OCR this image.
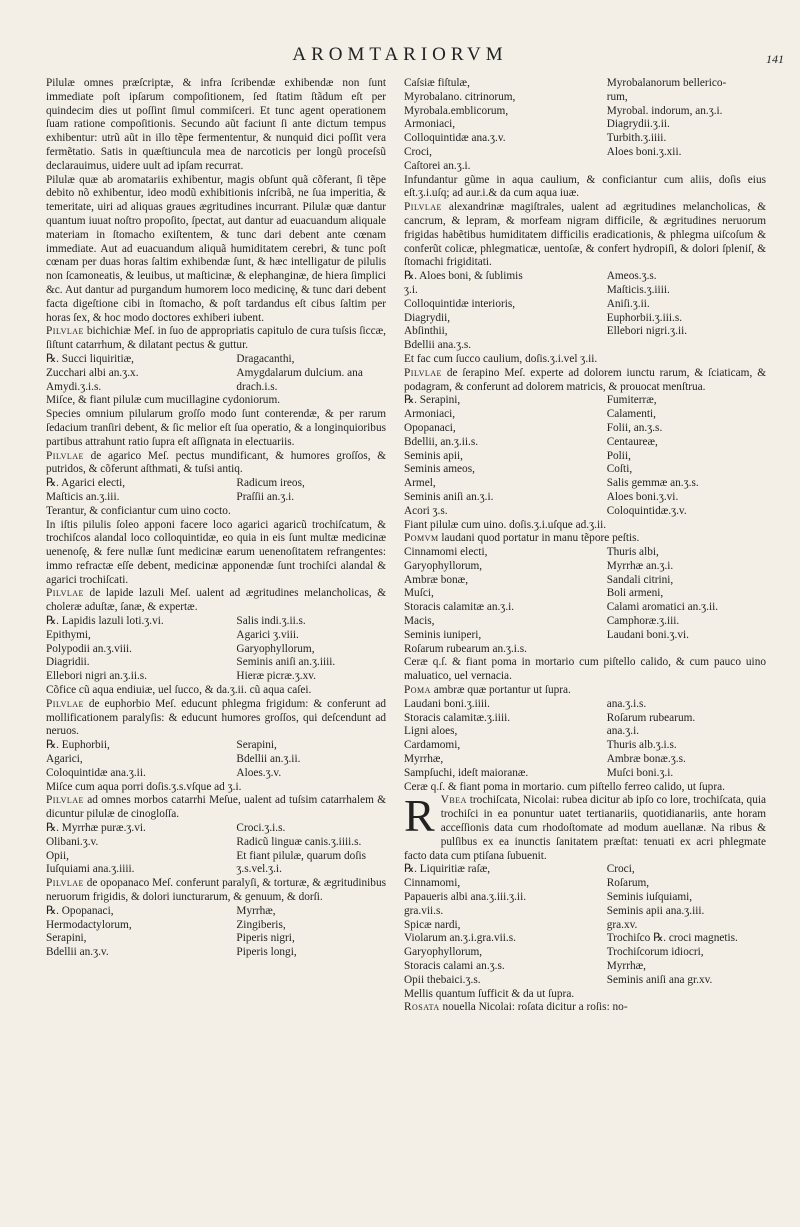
AROMTARIORVM	141

Pilulæ omnes præſcriptæ, & infra ſcribendæ exhibendæ non ſunt immediate poſt ipſarum compoſitionem, ſed ſtatim ſtãdum eſt per quindecim dies ut poſſint ſimul commiſceri. Et tunc agent operationem ſuam ratione compoſitionis. Secundo aũt faciunt ſi ante dictum tempus exhibentur: utrũ aũt in illo tẽpe fermententur, & nunquid dici poſſit vera fermẽtatio. Satis in quæſtiuncula mea de narcoticis per longũ proceſsũ declarauimus, uidere uult ad ipſam recurrat.

Pilulæ quæ ab aromatariis exhibentur, magis obſunt quã cõferant, ſi tẽpe debito nõ exhibentur, ideo modũ exhibitionis inſcribã, ne ſua imperitia, & temeritate, uiri ad aliquas graues ægritudines incurrant. Pilulæ quæ dantur quantum iuuat noſtro propoſito, ſpectat, aut dantur ad euacuandum aliquale materiam in ſtomacho exiſtentem, & tunc dari debent ante cœnam immediate. Aut ad euacuandum aliquã humiditatem cerebri, & tunc poſt cœnam per duas horas ſaltim exhibendæ ſunt, & hæc intelligatur de pilulis non ſcamoneatis, & leuibus, ut maſticinæ, & elephanginæ, de hiera ſimplici &c. Aut dantur ad purgandum humorem loco medicinę, & tunc dari debent facta digeſtione cibi in ſtomacho, & poſt tardandus eſt cibus ſaltim per horas ſex, & hoc modo doctores exhiberi iubent.

Pilvlae bichichiæ Meſ. in ſuo de appropriatis capitulo de cura tuſsis ſiccæ, ſiſtunt catarrhum, & dilatant pectus & guttur.

℞. Succi liquiritiæ,	Dragacanthi,
Zucchari albi an.ʒ.x.	Amygdalarum dulcium. ana
Amydi.ʒ.i.s.	drach.i.s.

Miſce, & fiant pilulæ cum mucillagine cydoniorum.

Species omnium pilularum groſſo modo ſunt conterendæ, & per rarum ſedacium tranſiri debent, & ſic melior eſt ſua operatio, & a longinquioribus partibus attrahunt ratio ſupra eſt aſſignata in electuariis.

Pilvlae de agarico Meſ. pectus mundificant, & humores groſſos, & putridos, & cõferunt aſthmati, & tuſsi antiq.

℞. Agarici electi,	Radicum ireos,
Maſticis an.ʒ.iii.	Praſſii an.ʒ.i.

Terantur, & conficiantur cum uino cocto.

In iſtis pilulis ſoleo apponi facere loco agarici agaricũ trochiſcatum, & trochiſcos alandal loco colloquintidæ, eo quia in eis ſunt multæ medicinæ uenenoſę, & fere nullæ ſunt medicinæ earum uenenoſitatem refrangentes: immo refractæ eſſe debent, medicinæ apponendæ ſunt trochiſci alandal & agarici trochiſcati.

Pilvlae de lapide lazuli Meſ. ualent ad ægritudines melancholicas, & choleræ aduſtæ, ſanæ, & expertæ.

℞. Lapidis lazuli loti.ʒ.vi.	Salis indi.ʒ.ii.s.
Epithymi,	Agarici ʒ.viii.
Polypodii an.ʒ.viii.	Garyophyllorum,
Diagridii.	Seminis aniſi an.ʒ.iiii.
Ellebori nigri an.ʒ.ii.s.	Hieræ picræ.ʒ.xv.

Cõfice cũ aqua endiuiæ, uel ſucco, & da.ʒ.ii. cũ aqua caſei.

Pilvlae de euphorbio Meſ. educunt phlegma frigidum: & conferunt ad mollificationem paralyſis: & educunt humores groſſos, qui deſcendunt ad neruos.

℞. Euphorbii,	Serapini,
Agarici,	Bdellii an.ʒ.ii.
Coloquintidæ ana.ʒ.ii.	Aloes.ʒ.v.

Miſce cum aqua porri doſis.ʒ.s.vſque ad ʒ.i.

Pilvlae ad omnes morbos catarrhi Meſue, ualent ad tuſsim catarrhalem & dicuntur pilulæ de cinogloſſa.

℞. Myrrhæ puræ.ʒ.vi.	Croci.ʒ.i.s.
Olibani.ʒ.v.	Radicũ linguæ canis.ʒ.iiii.s.
Opii,	Et fiant pilulæ, quarum doſis
Iuſquiami ana.ʒ.iiii.	ʒ.s.vel.ʒ.i.

Pilvlae de opopanaco Meſ. conferunt paralyſi, & torturæ, & ægritudinibus neruorum frigidis, & dolori iuncturarum, & genuum, & dorſi.

℞. Opopanaci,	Myrrhæ,
Hermodactylorum,	Zingiberis,
Serapini,	Piperis nigri,
Bdellii an.ʒ.v.	Piperis longi,
Caſsiæ fiſtulæ,	Myrobalanorum bellerico-
Myrobalano. citrinorum,	rum,
Myrobala.emblicorum,	Myrobal. indorum, an.ʒ.i.
Armoniaci,	Diagrydii.ʒ.ii.
Colloquintidæ ana.ʒ.v.	Turbith.ʒ.iiii.
Croci,	Aloes boni.ʒ.xii.
Caſtorei an.ʒ.i.

Infundantur gũme in aqua caulium, & conficiantur cum aliis, doſis eius eſt.ʒ.i.uſq; ad aur.i.& da cum aqua iuæ.

Pilvlae alexandrinæ magiſtrales, ualent ad ægritudines melancholicas, & cancrum, & lepram, & morfeam nigram difficile, & ægritudines neruorum frigidas habẽtibus humiditatem difficilis eradicationis, & phlegma uiſcoſum & conferũt colicæ, phlegmaticæ, uentoſæ, & confert hydropiſi, & dolori ſpleniſ, & ſtomachi frigiditati.

℞. Aloes boni, & ſublimis	Ameos.ʒ.s.
ʒ.i.	Maſticis.ʒ.iiii.
Colloquintidæ interioris,	Aniſi.ʒ.ii.
Diagrydii,	Euphorbii.ʒ.iii.s.
Abſinthii,	Ellebori nigri.ʒ.ii.
Bdellii ana.ʒ.s.

Et fac cum ſucco caulium, doſis.ʒ.i.vel ʒ.ii.

Pilvlae de ſerapino Meſ. experte ad dolorem iunctu rarum, & ſciaticam, & podagram, & conferunt ad dolorem matricis, & prouocat menſtrua.

℞. Serapini,	Fumiterræ,
Armoniaci,	Calamenti,
Opopanaci,	Folii, an.ʒ.s.
Bdellii, an.ʒ.ii.s.	Centaureæ,
Seminis apii,	Polii,
Seminis ameos,	Coſti,
Armel,	Salis gemmæ an.ʒ.s.
Seminis aniſi an.ʒ.i.	Aloes boni.ʒ.vi.
Acori ʒ.s.	Coloquintidæ.ʒ.v.

Fiant pilulæ cum uino. doſis.ʒ.i.uſque ad.ʒ.ii.

Pomvm laudani quod portatur in manu tẽpore peſtis.

Cinnamomi electi,	Thuris albi,
Garyophyllorum,	Myrrhæ an.ʒ.i.
Ambræ bonæ,	Sandali citrini,
Muſci,	Boli armeni,
Storacis calamitæ an.ʒ.i.	Calami aromatici an.ʒ.ii.
Macis,	Camphoræ.ʒ.iii.
Seminis iuniperi,	Laudani boni.ʒ.vi.
Roſarum rubearum an.ʒ.i.s.

Ceræ q.ſ. & fiant poma in mortario cum piſtello calido, & cum pauco uino maluatico, uel vernacia.

Poma ambræ quæ portantur ut ſupra.

Laudani boni.ʒ.iiii.	ana.ʒ.i.s.
Storacis calamitæ.ʒ.iiii.	Roſarum rubearum.
Ligni aloes,	ana.ʒ.i.
Cardamomi,	Thuris alb.ʒ.i.s.
Myrrhæ,	Ambræ bonæ.ʒ.s.
Sampſuchi, ideſt maioranæ.	Muſci boni.ʒ.i.

Ceræ q.ſ. & fiant poma in mortario. cum piſtello ferreo calido, ut ſupra.

R Vbea trochiſcata, Nicolai: rubea dicitur ab ipſo co lore, trochiſcata, quia trochiſci in ea ponuntur uatet tertianariis, quotidianariis, ante horam acceſſionis data cum rhodoſtomate ad modum auellanæ. Na ribus & pulſibus ex ea inunctis ſanitatem præſtat: tenuati ex acri phlegmate facto data cum ptiſana ſubuenit.

℞. Liquiritiæ raſæ,	Croci,
Cinnamomi,	Roſarum,
Papaueris albi ana.ʒ.iii.ʒ.ii.	Seminis iuſquiami,
gra.vii.s.	Seminis apii ana.ʒ.iii.
Spicæ nardi,	gra.xv.
Violarum an.ʒ.i.gra.vii.s.	Trochiſco ℞. croci magnetis.
Garyophyllorum,	Trochiſcorum idiocri,
Storacis calami an.ʒ.s.	Myrrhæ,
Opii thebaici.ʒ.s.	Seminis aniſi ana gr.xv.

Mellis quantum ſufficit & da ut ſupra.

Rosata nouella Nicolai: roſata dicitur a roſis: no-
